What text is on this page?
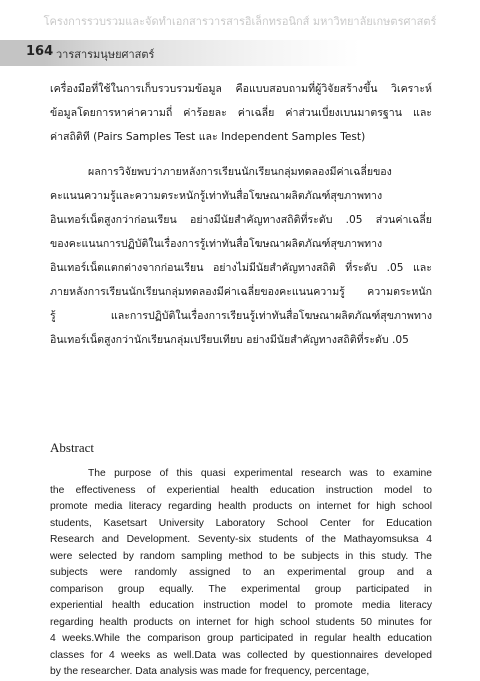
โครงการรวบรวมและจัดทำเอกสารวารสารอิเล็กทรอนิกส์ มหาวิทยาลัยเกษตรศาสตร์
164 วารสารมนุษยศาสตร์
เครื่องมือที่ใช้ในการเก็บรวบรวมข้อมูล คือแบบสอบถามที่ผู้วิจัยสร้างขึ้น วิเคราะห์
ข้อมูลโดยการหาค่าความถี่ ค่าร้อยละ ค่าเฉลี่ย ค่าส่วนเบี่ยงเบนมาตรฐาน และ
ค่าสถิติที (Pairs Samples Test และ Independent Samples Test)
ผลการวิจัยพบว่าภายหลังการเรียนนักเรียนกลุ่มทดลองมีค่าเฉลี่ยของ
คะแนนความรู้และความตระหนักรู้เท่าทันสื่อโฆษณาผลิตภัณฑ์สุขภาพทาง
อินเทอร์เน็ตสูงกว่าก่อนเรียน อย่างมีนัยสำคัญทางสถิติที่ระดับ .05 ส่วนค่าเฉลี่ย
ของคะแนนการปฏิบัติในเรื่องการรู้เท่าทันสื่อโฆษณาผลิตภัณฑ์สุขภาพทาง
อินเทอร์เน็ตแตกต่างจากก่อนเรียน อย่างไม่มีนัยสำคัญทางสถิติ ที่ระดับ .05 และ
ภายหลังการเรียนนักเรียนกลุ่มทดลองมีค่าเฉลี่ยของคะแนนความรู้ ความตระหนัก
รู้ และการปฏิบัติในเรื่องการเรียนรู้เท่าทันสื่อโฆษณาผลิตภัณฑ์สุขภาพทาง
อินเทอร์เน็ตสูงกว่านักเรียนกลุ่มเปรียบเทียบ อย่างมีนัยสำคัญทางสถิติที่ระดับ .05
Abstract
The purpose of this quasi experimental research was to examine
the effectiveness of experiential health education instruction model to
promote media literacy regarding health products on internet for high school
students, Kasetsart University Laboratory School Center for Education
Research and Development. Seventy-six students of the Mathayomsuksa 4
were selected by random sampling method to be subjects in this study. The
subjects were randomly assigned to an experimental group and a
comparison group equally. The experimental group participated in
experiential health education instruction model to promote media literacy
regarding health products on internet for high school students 50 minutes for
4 weeks.While the comparison group participated in regular health education
classes for 4 weeks as well.Data was collected by questionnaires developed
by the researcher. Data analysis was made for frequency, percentage,
